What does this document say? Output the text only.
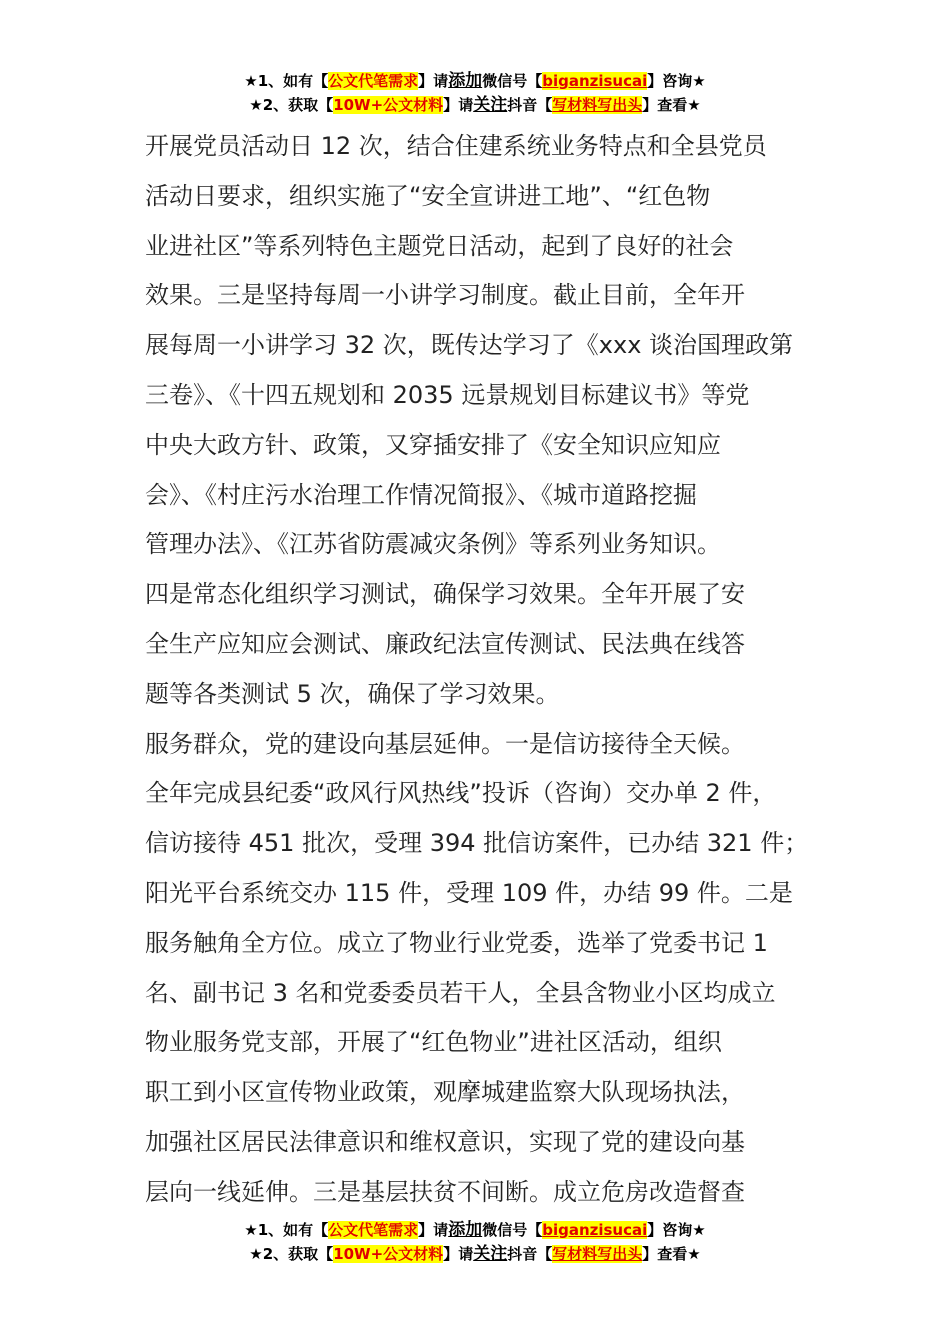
★1、如有【公文代笔需求】请添加微信号【biganzisucai】咨询★
★2、获取【10W+公文材料】请关注抖音【写材料写出头】查看★
开展党员活动日 12 次，结合住建系统业务特点和全县党员
活动日要求，组织实施了“安全宣讲进工地”、“红色物
业进社区”等系列特色主题党日活动，起到了良好的社会
效果。三是坚持每周一小讲学习制度。截止目前，全年开
展每周一小讲学习 32 次，既传达学习了《xxx 谈治国理政第
三卷》、《十四五规划和 2035 远景规划目标建议书》等党
中央大政方针、政策，又穿插安排了《安全知识应知应
会》、《村庄污水治理工作情况简报》、《城市道路挖掘
管理办法》、《江苏省防震减灾条例》等系列业务知识。
四是常态化组织学习测试，确保学习效果。全年开展了安
全生产应知应会测试、廉政纪法宣传测试、民法典在线答
题等各类测试 5 次，确保了学习效果。
服务群众，党的建设向基层延伸。一是信访接待全天候。
全年完成县纪委“政风行风热线”投诉（咨询）交办单 2 件，
信访接待 451 批次，受理 394 批信访案件，已办结 321 件；
阳光平台系统交办 115 件，受理 109 件，办结 99 件。二是
服务触角全方位。成立了物业行业党委，选举了党委书记 1
名、副书记 3 名和党委委员若干人，全县含物业小区均成立
物业服务党支部，开展了“红色物业”进社区活动，组织
职工到小区宣传物业政策，观摩城建监察大队现场执法，
加强社区居民法律意识和维权意识，实现了党的建设向基
层向一线延伸。三是基层扶贫不间断。成立危房改造督查
★1、如有【公文代笔需求】请添加微信号【biganzisucai】咨询★
★2、获取【10W+公文材料】请关注抖音【写材料写出头】查看★
